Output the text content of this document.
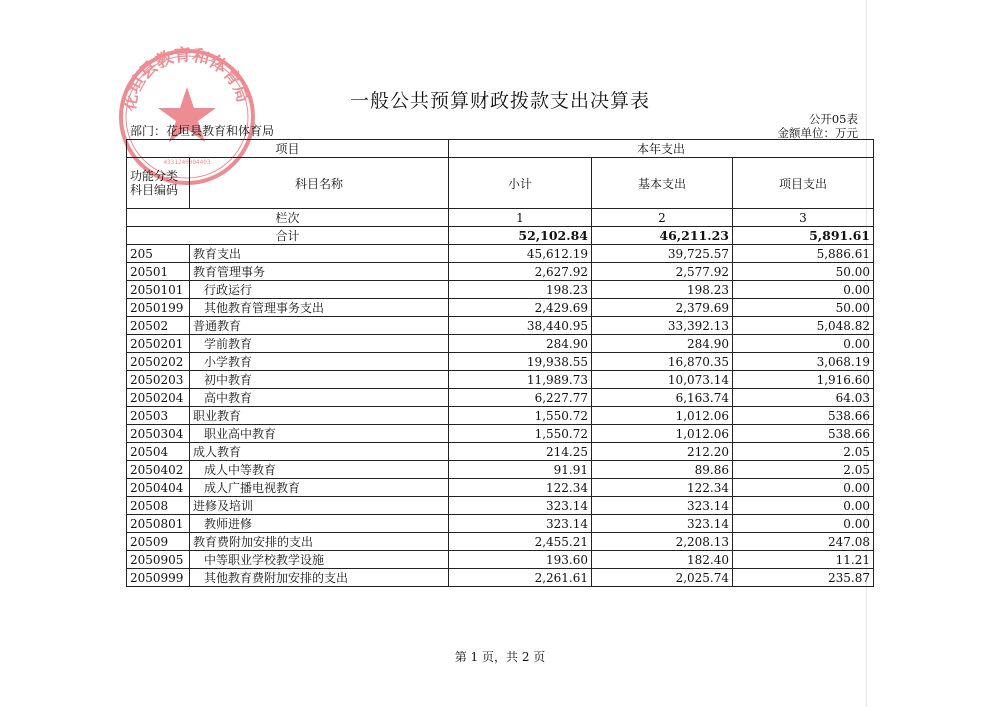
花垣县教育和体育局
4331240004403
一般公共预算财政拨款支出决算表
部门：花垣县教育和体育局
公开05表
金额单位：万元
项目		本年支出		

功能分类
科目编码	科目名称	小计	基本支出	项目支出
栏次		1	2	3
合计		52,102.84	46,211.23	5,891.61
205	教育支出	45,612.19	39,725.57	5,886.61
20501	教育管理事务	2,627.92	2,577.92	50.00
2050101	行政运行	198.23	198.23	0.00
2050199	其他教育管理事务支出	2,429.69	2,379.69	50.00
20502	普通教育	38,440.95	33,392.13	5,048.82
2050201	学前教育	284.90	284.90	0.00
2050202	小学教育	19,938.55	16,870.35	3,068.19
2050203	初中教育	11,989.73	10,073.14	1,916.60
2050204	高中教育	6,227.77	6,163.74	64.03
20503	职业教育	1,550.72	1,012.06	538.66
2050304	职业高中教育	1,550.72	1,012.06	538.66
20504	成人教育	214.25	212.20	2.05
2050402	成人中等教育	91.91	89.86	2.05
2050404	成人广播电视教育	122.34	122.34	0.00
20508	进修及培训	323.14	323.14	0.00
2050801	教师进修	323.14	323.14	0.00
20509	教育费附加安排的支出	2,455.21	2,208.13	247.08
2050905	中等职业学校教学设施	193.60	182.40	11.21
2050999	其他教育费附加安排的支出	2,261.61	2,025.74	235.87
第 1 页，共 2 页
